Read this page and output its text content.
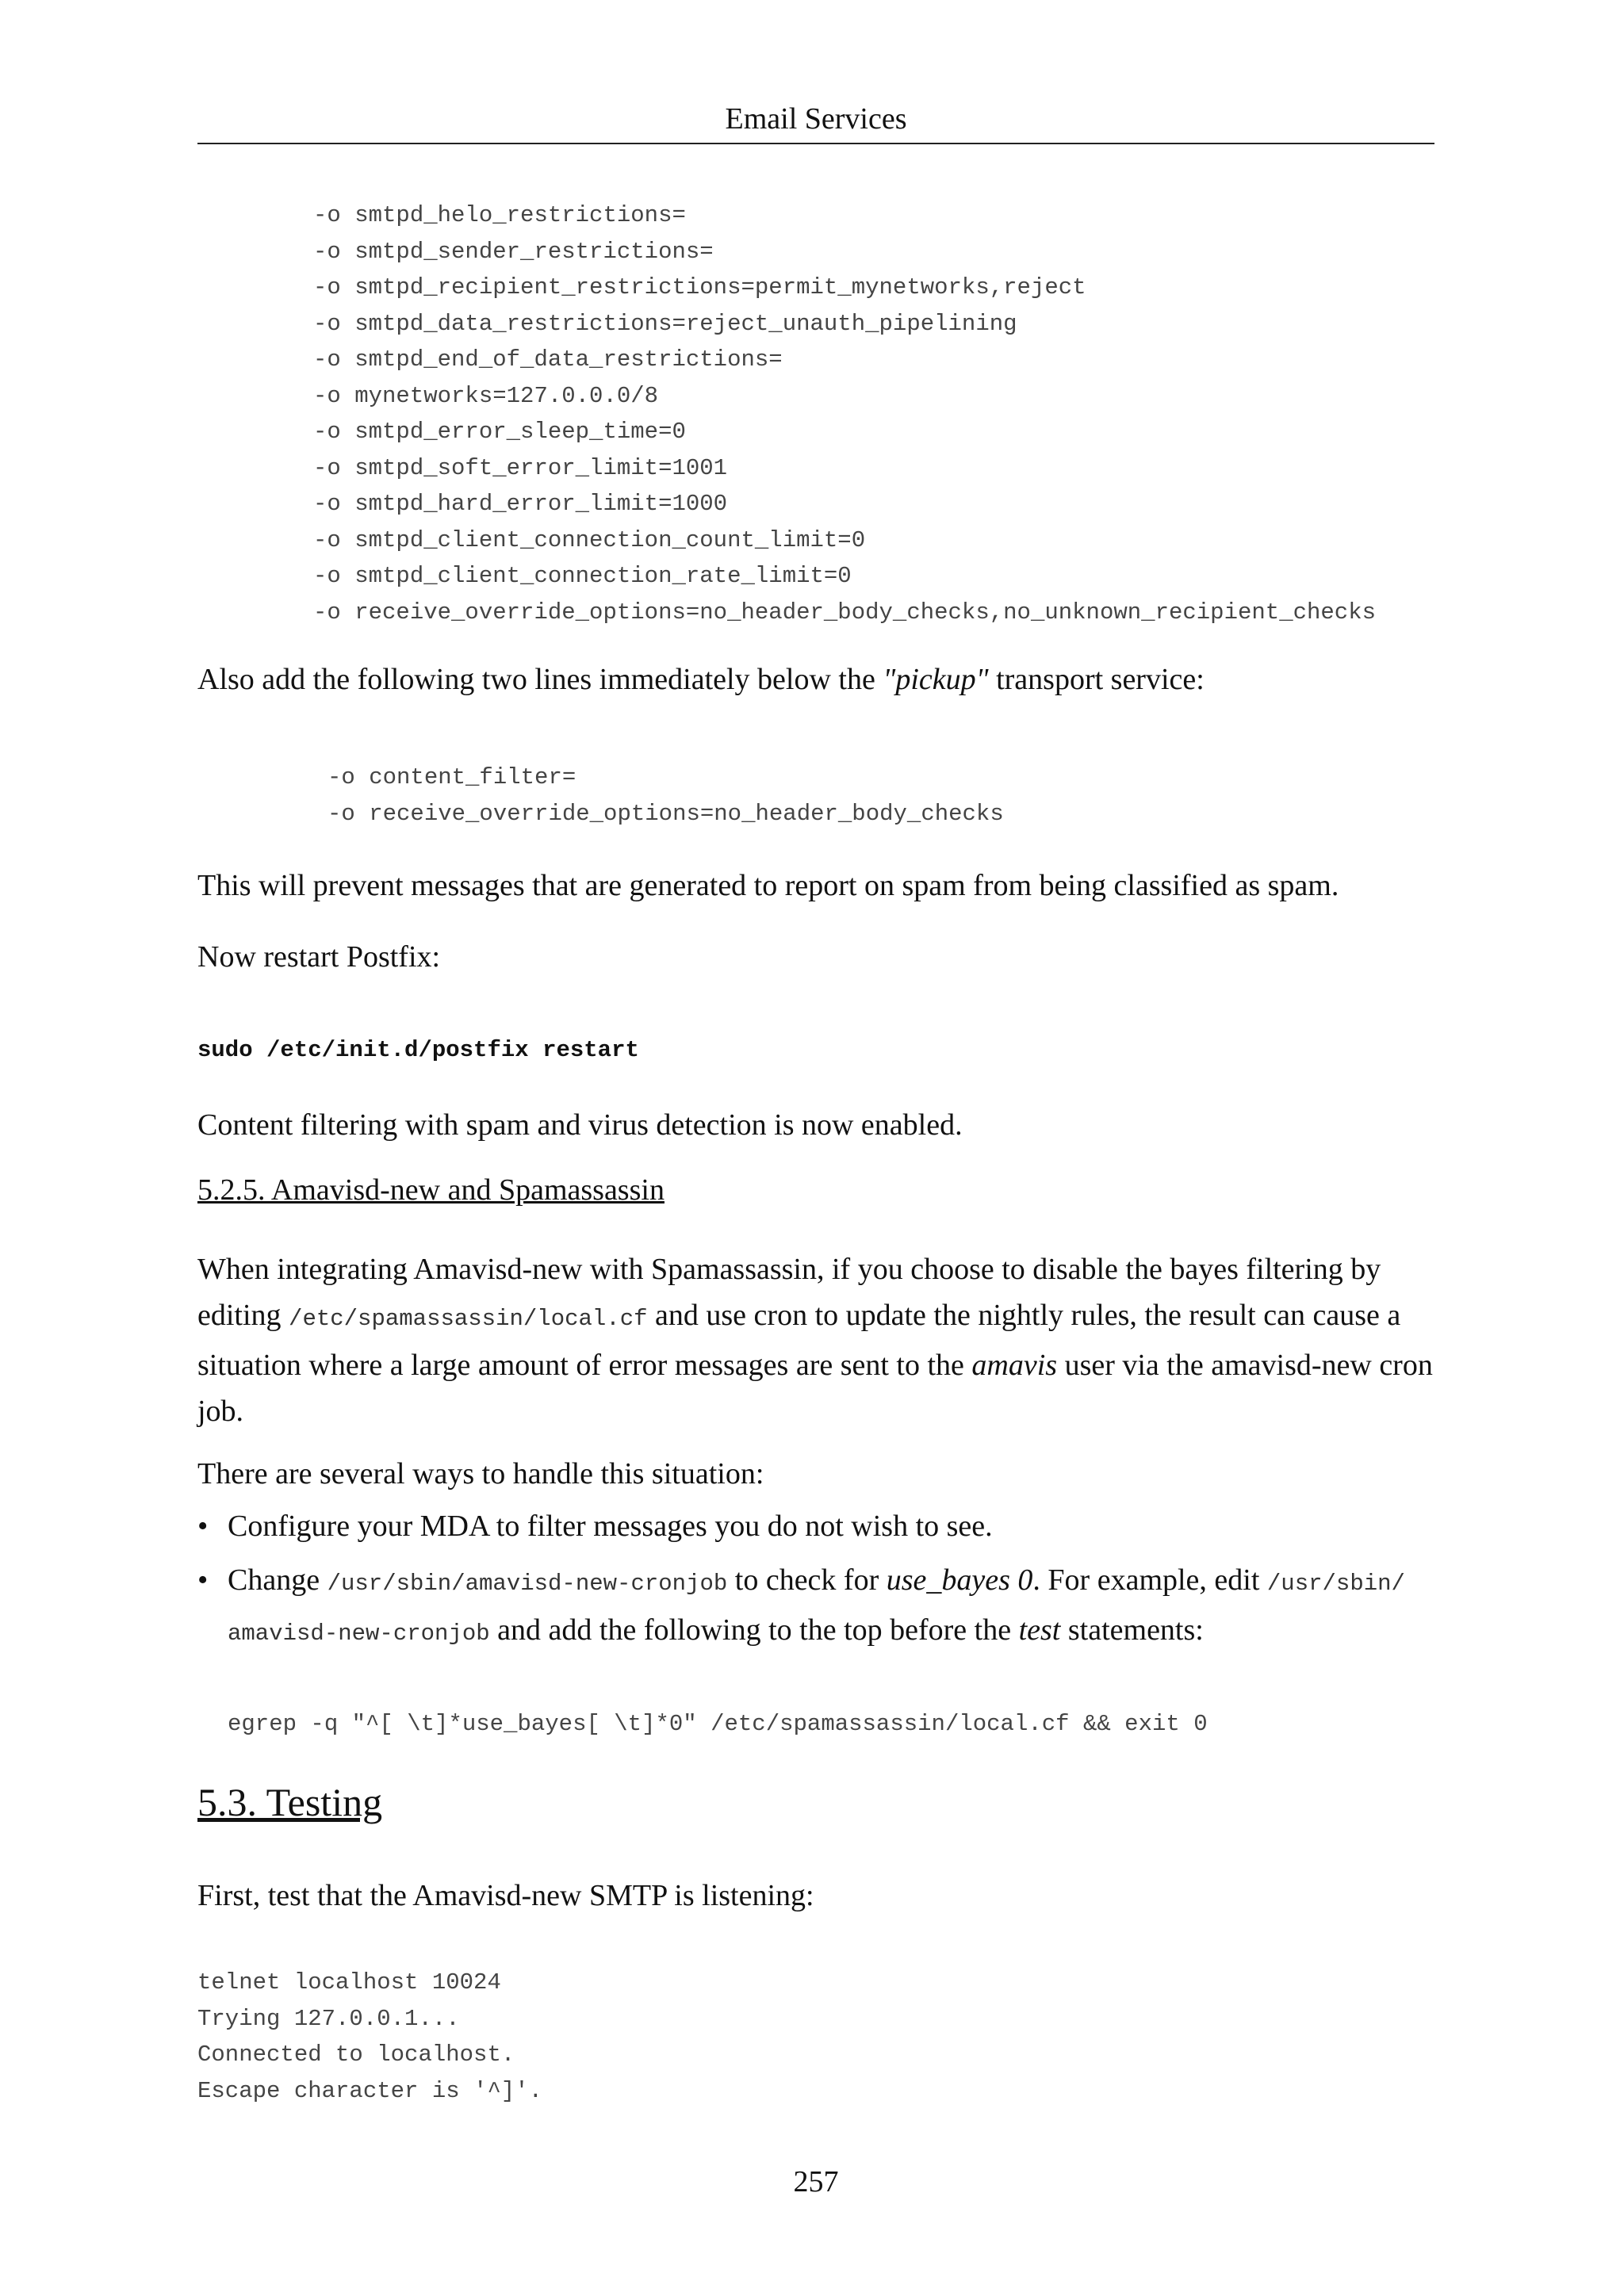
Email Services
-o smtpd_helo_restrictions=
-o smtpd_sender_restrictions=
-o smtpd_recipient_restrictions=permit_mynetworks,reject
-o smtpd_data_restrictions=reject_unauth_pipelining
-o smtpd_end_of_data_restrictions=
-o mynetworks=127.0.0.0/8
-o smtpd_error_sleep_time=0
-o smtpd_soft_error_limit=1001
-o smtpd_hard_error_limit=1000
-o smtpd_client_connection_count_limit=0
-o smtpd_client_connection_rate_limit=0
-o receive_override_options=no_header_body_checks,no_unknown_recipient_checks

Also add the following two lines immediately below the "pickup" transport service:

-o content_filter=
-o receive_override_options=no_header_body_checks

This will prevent messages that are generated to report on spam from being classified as spam.

Now restart Postfix:

sudo /etc/init.d/postfix restart

Content filtering with spam and virus detection is now enabled.

5.2.5. Amavisd-new and Spamassassin

When integrating Amavisd-new with Spamassassin, if you choose to disable the bayes filtering by editing /etc/spamassassin/local.cf and use cron to update the nightly rules, the result can cause a situation where a large amount of error messages are sent to the amavis user via the amavisd-new cron job.

There are several ways to handle this situation:

• Configure your MDA to filter messages you do not wish to see.
• Change /usr/sbin/amavisd-new-cronjob to check for use_bayes 0. For example, edit /usr/sbin/ amavisd-new-cronjob and add the following to the top before the test statements:
egrep -q "^[ \t]*use_bayes[ \t]*0" /etc/spamassassin/local.cf && exit 0
5.3. Testing

First, test that the Amavisd-new SMTP is listening:

telnet localhost 10024
Trying 127.0.0.1...
Connected to localhost.
Escape character is '^]'.
257
